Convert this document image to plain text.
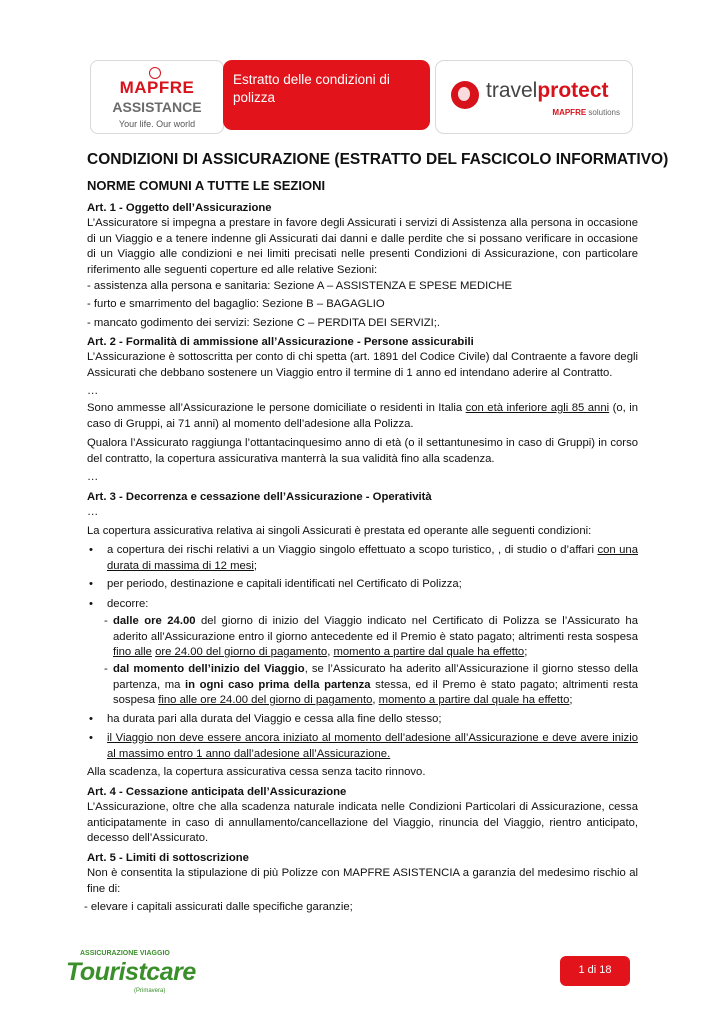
MAPFRE
ASSISTANCE
Your life. Our world
Estratto delle condizioni di polizza	travelprotect
MAPFRE solutions
CONDIZIONI DI ASSICURAZIONE (ESTRATTO DEL FASCICOLO INFORMATIVO)
NORME COMUNI A TUTTE LE SEZIONI
Art. 1 - Oggetto dell’Assicurazione
L’Assicuratore si impegna a prestare in favore degli Assicurati i servizi di Assistenza alla persona in occasione di un Viaggio e a tenere indenne gli Assicurati dai danni e dalle perdite che si possano verificare in occasione di un Viaggio alle condizioni e nei limiti precisati nelle presenti Condizioni di Assicurazione, con particolare riferimento alle seguenti coperture ed alle relative Sezioni:
- assistenza alla persona e sanitaria: Sezione A – ASSISTENZA E SPESE MEDICHE
- furto e smarrimento del bagaglio: Sezione B – BAGAGLIO
- mancato godimento dei servizi: Sezione C – PERDITA DEI SERVIZI;.
Art. 2 - Formalità di ammissione all’Assicurazione - Persone assicurabili
L’Assicurazione è sottoscritta per conto di chi spetta (art. 1891 del Codice Civile) dal Contraente a favore degli Assicurati che debbano sostenere un Viaggio entro il termine di 1 anno ed intendano aderire al Contratto.
…
Sono ammesse all’Assicurazione le persone domiciliate o residenti in Italia con età inferiore agli 85 anni (o, in caso di Gruppi, ai 71 anni) al momento dell’adesione alla Polizza.
Qualora l’Assicurato raggiunga l’ottantacinquesimo anno di età (o il settantunesimo in caso di Gruppi) in corso del contratto, la copertura assicurativa manterrà la sua validità fino alla scadenza.
…
Art. 3 - Decorrenza e cessazione dell’Assicurazione - Operatività
…
La copertura assicurativa relativa ai singoli Assicurati è prestata ed operante alle seguenti condizioni:
• a copertura dei rischi relativi a un Viaggio singolo effettuato a scopo turistico, , di studio o d’affari con una durata di massima di 12 mesi;
• per periodo, destinazione e capitali identificati nel Certificato di Polizza;
• decorre:
- dalle ore 24.00 del giorno di inizio del Viaggio indicato nel Certificato di Polizza se l’Assicurato ha aderito all’Assicurazione entro il giorno antecedente ed il Premio è stato pagato; altrimenti resta sospesa fino alle ore 24.00 del giorno di pagamento, momento a partire dal quale ha effetto;
- dal momento dell’inizio del Viaggio, se l’Assicurato ha aderito all’Assicurazione il giorno stesso della partenza, ma in ogni caso prima della partenza stessa, ed il Premo è stato pagato; altrimenti resta sospesa fino alle ore 24.00 del giorno di pagamento, momento a partire dal quale ha effetto;
• ha durata pari alla durata del Viaggio e cessa alla fine dello stesso;
• il Viaggio non deve essere ancora iniziato al momento dell’adesione all’Assicurazione e deve avere inizio al massimo entro 1 anno dall’adesione all’Assicurazione.
Alla scadenza, la copertura assicurativa cessa senza tacito rinnovo.
Art. 4 - Cessazione anticipata dell’Assicurazione
L’Assicurazione, oltre che alla scadenza naturale indicata nelle Condizioni Particolari di Assicurazione, cessa anticipatamente in caso di annullamento/cancellazione del Viaggio, rinuncia del Viaggio, rientro anticipato, decesso dell’Assicurato.
Art. 5 - Limiti di sottoscrizione
Non è consentita la stipulazione di più Polizze con MAPFRE ASISTENCIA a garanzia del medesimo rischio al fine di:
- elevare i capitali assicurati dalle specifiche garanzie;
ASSICURAZIONE VIAGGIO
Touristcare
(Primavera)
1 di 18
